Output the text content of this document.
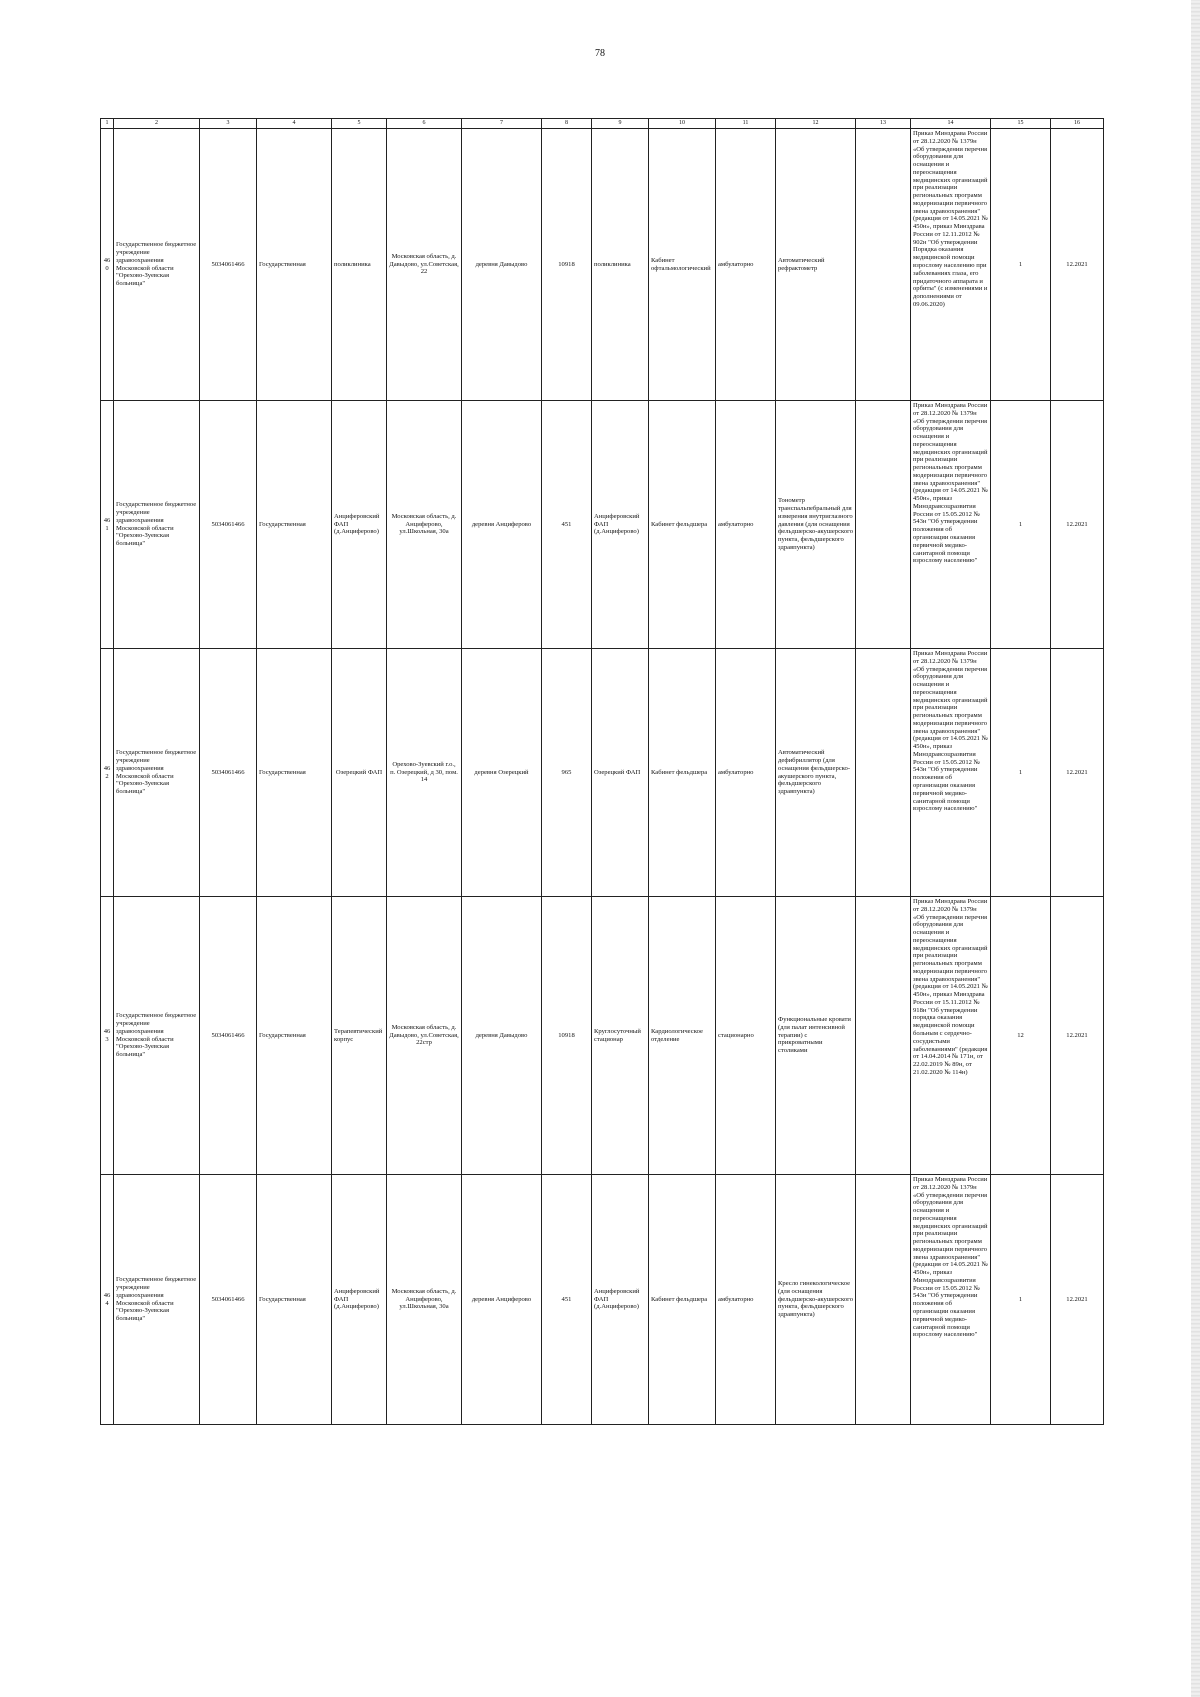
78
1	2	3	4	5	6	7	8	9	10	11	12	13	14	15	16
460	Государственное бюджетное учреждение здравоохранения Московской области "Орехово-Зуевская больница"	5034061466	Государственная	поликлиника	Московская область, д. Давыдово, ул.Советская, 22	деревня Давыдово	10918	поликлиника	Кабинет офтальмологический	амбулаторно	Автоматический рефрактометр		Приказ Минздрава России от 28.12.2020 № 1379н «Об утверждении перечня оборудования для оснащения и переоснащения медицинских организаций при реализации региональных программ модернизации первичного звена здравоохранения"(редакция от 14.05.2021 № 450н», приказ Минздрава России от 12.11.2012 № 902н "Об утверждении Порядка оказания медицинской помощи взрослому населению при заболеваниях глаза, его придаточного аппарата и орбиты" (с изменениями и дополнениями от 09.06.2020)	1	12.2021
461	Государственное бюджетное учреждение здравоохранения Московской области "Орехово-Зуевская больница"	5034061466	Государственная	Анциферовский ФАП (д.Анциферово)	Московская область, д. Анциферово, ул.Школьная, 30а	деревня Анциферово	451	Анциферовский ФАП (д.Анциферово)	Кабинет фельдшера	амбулаторно	Тонометр транспальпебральный для измерения внутриглазного давления (для оснащения фельдшерско-акушерского пункта, фельдшерского здравпункта)		Приказ Минздрава России от 28.12.2020 № 1379н «Об утверждении перечня оборудования для оснащения и переоснащения медицинских организаций при реализации региональных программ модернизации первичного звена здравоохранения"(редакция от 14.05.2021 № 450н», приказ Минздравсоцразвития России от 15.05.2012 № 543н "Об утверждении положения об организации оказания первичной медико-санитарной помощи взрослому населению"	1	12.2021
462	Государственное бюджетное учреждение здравоохранения Московской области "Орехово-Зуевская больница"	5034061466	Государственная	Озерецкий ФАП	Орехово-Зуевский г.о., п. Озерецкий, д 30, пом. 14	деревня Озерецкий	965	Озерецкий ФАП	Кабинет фельдшера	амбулаторно	Автоматический дефибриллятор (для оснащения фельдшерско-акушерского пункта, фельдшерского здравпункта)		Приказ Минздрава России от 28.12.2020 № 1379н «Об утверждении перечня оборудования для оснащения и переоснащения медицинских организаций при реализации региональных программ модернизации первичного звена здравоохранения"(редакция от 14.05.2021 № 450н», приказ Минздравсоцразвития России от 15.05.2012 № 543н "Об утверждении положения об организации оказания первичной медико-санитарной помощи взрослому населению"	1	12.2021
463	Государственное бюджетное учреждение здравоохранения Московской области "Орехово-Зуевская больница"	5034061466	Государственная	Терапевтический корпус	Московская область, д. Давыдово, ул.Советская, 22стр	деревня Давыдово	10918	Круглосуточный стационар	Кардиологическое отделение	стационарно	Функциональные кровати (для палат интенсивной терапии) с прикроватными столиками		Приказ Минздрава России от 28.12.2020 № 1379н «Об утверждении перечня оборудования для оснащения и переоснащения медицинских организаций при реализации региональных программ модернизации первичного звена здравоохранения"(редакция от 14.05.2021 № 450н», приказ Минздрава России от 15.11.2012 № 918н "Об утверждении порядка оказания медицинской помощи больным с сердечно-сосудистыми заболеваниями" (редакция от 14.04.2014 № 171н, от 22.02.2019 № 89н, от 21.02.2020 № 114н)	12	12.2021
464	Государственное бюджетное учреждение здравоохранения Московской области "Орехово-Зуевская больница"	5034061466	Государственная	Анциферовский ФАП (д.Анциферово)	Московская область, д. Анциферово, ул.Школьная, 30а	деревня Анциферово	451	Анциферовский ФАП (д.Анциферово)	Кабинет фельдшера	амбулаторно	Кресло гинекологическое (для оснащения фельдшерско-акушерского пункта, фельдшерского здравпункта)		Приказ Минздрава России от 28.12.2020 № 1379н «Об утверждении перечня оборудования для оснащения и переоснащения медицинских организаций при реализации региональных программ модернизации первичного звена здравоохранения"(редакция от 14.05.2021 № 450н», приказ Минздравсоцразвития России от 15.05.2012 № 543н "Об утверждении положения об организации оказания первичной медико-санитарной помощи взрослому населению"	1	12.2021
